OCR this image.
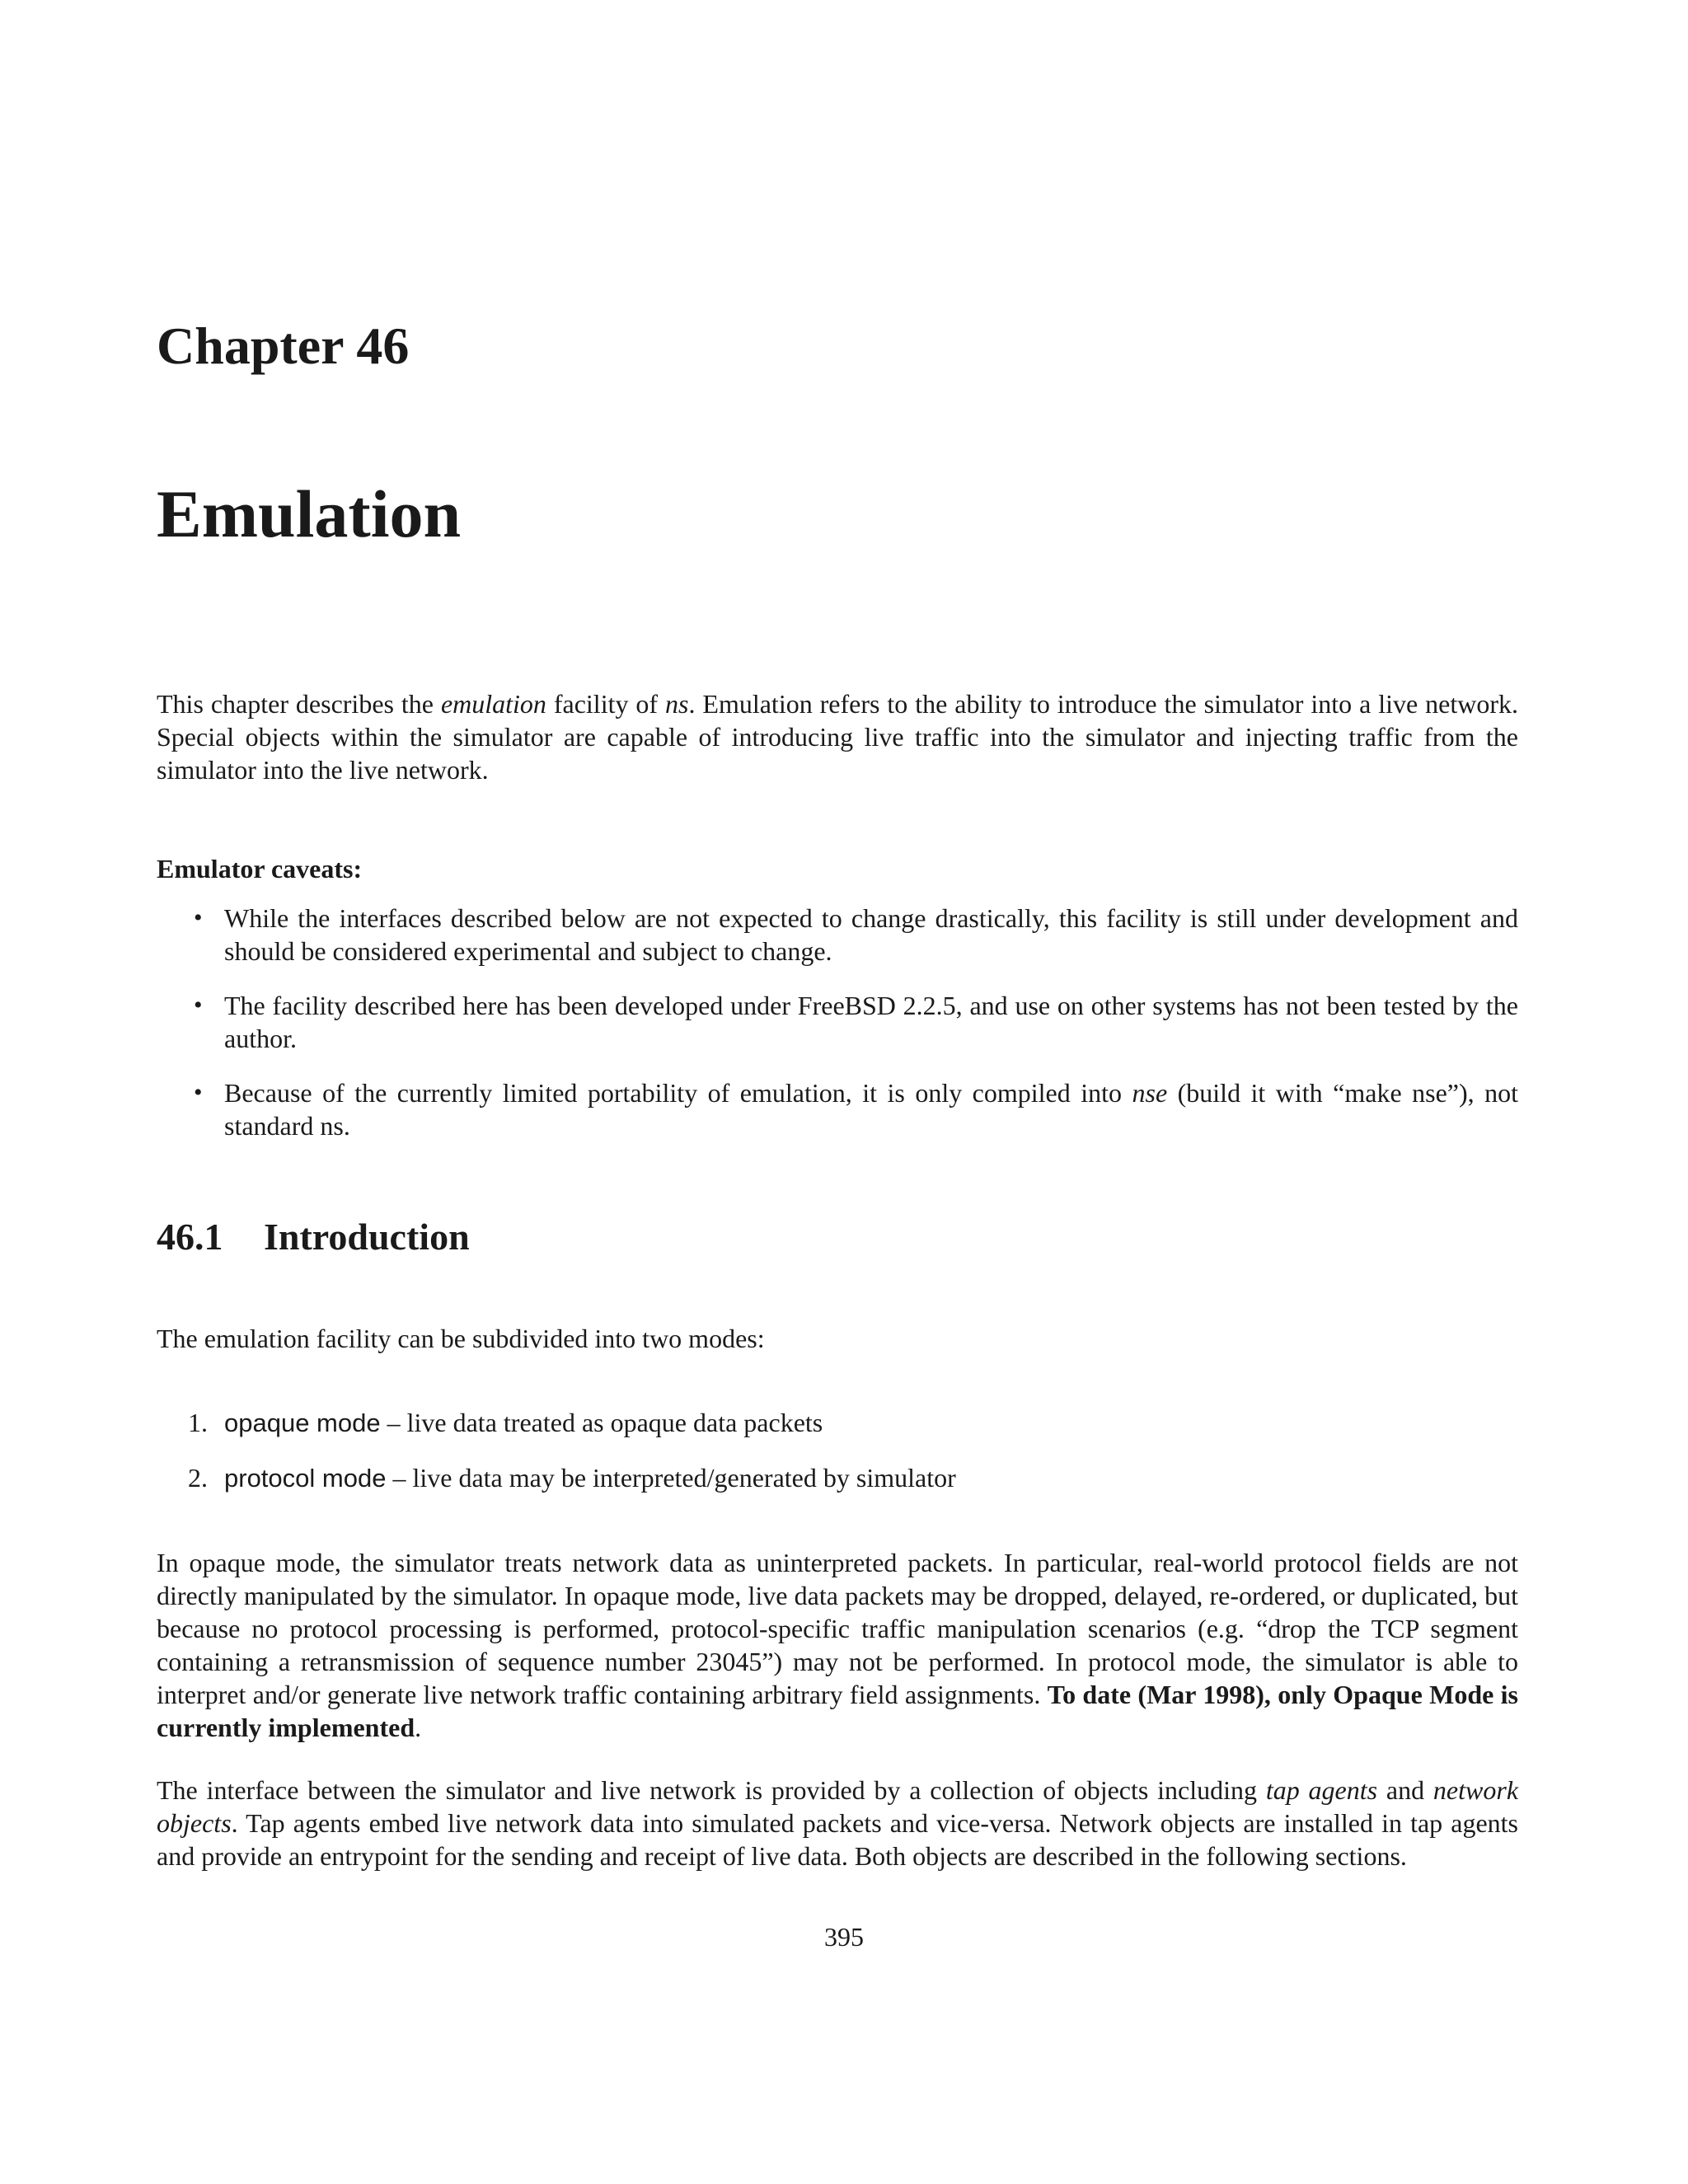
Chapter 46
Emulation
This chapter describes the emulation facility of ns. Emulation refers to the ability to introduce the simulator into a live network. Special objects within the simulator are capable of introducing live traffic into the simulator and injecting traffic from the simulator into the live network.
Emulator caveats:
• While the interfaces described below are not expected to change drastically, this facility is still under development and should be considered experimental and subject to change.
• The facility described here has been developed under FreeBSD 2.2.5, and use on other systems has not been tested by the author.
• Because of the currently limited portability of emulation, it is only compiled into nse (build it with “make nse”), not standard ns.
46.1 Introduction
The emulation facility can be subdivided into two modes:
1. opaque mode – live data treated as opaque data packets
2. protocol mode – live data may be interpreted/generated by simulator
In opaque mode, the simulator treats network data as uninterpreted packets. In particular, real-world protocol fields are not directly manipulated by the simulator. In opaque mode, live data packets may be dropped, delayed, re-ordered, or duplicated, but because no protocol processing is performed, protocol-specific traffic manipulation scenarios (e.g. “drop the TCP segment containing a retransmission of sequence number 23045”) may not be performed. In protocol mode, the simulator is able to interpret and/or generate live network traffic containing arbitrary field assignments. To date (Mar 1998), only Opaque Mode is currently implemented.
The interface between the simulator and live network is provided by a collection of objects including tap agents and network objects. Tap agents embed live network data into simulated packets and vice-versa. Network objects are installed in tap agents and provide an entrypoint for the sending and receipt of live data. Both objects are described in the following sections.
395
